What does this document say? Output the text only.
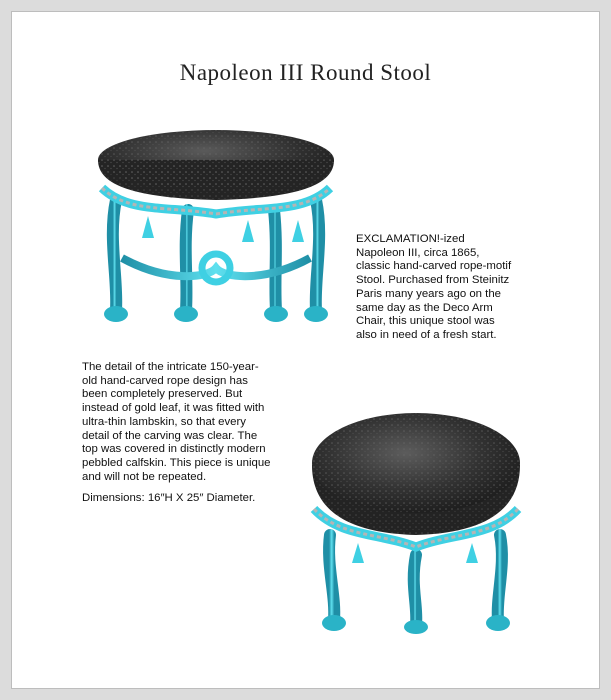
Napoleon III Round Stool
EXCLAMATION!-ized Napoleon III, circa 1865, classic hand-carved rope-motif Stool. Purchased from Steinitz Paris many years ago on the same day as the Deco Arm Chair, this unique stool was also in need of a fresh start.
The detail of the intricate 150-year-old hand-carved rope design has been completely preserved. But instead of gold leaf, it was fitted with ultra-thin lambskin, so that every detail of the carving was clear. The top was covered in distinctly modern pebbled calfskin. This piece is unique and will not be repeated.
Dimensions: 16″H X 25″ Diameter.
